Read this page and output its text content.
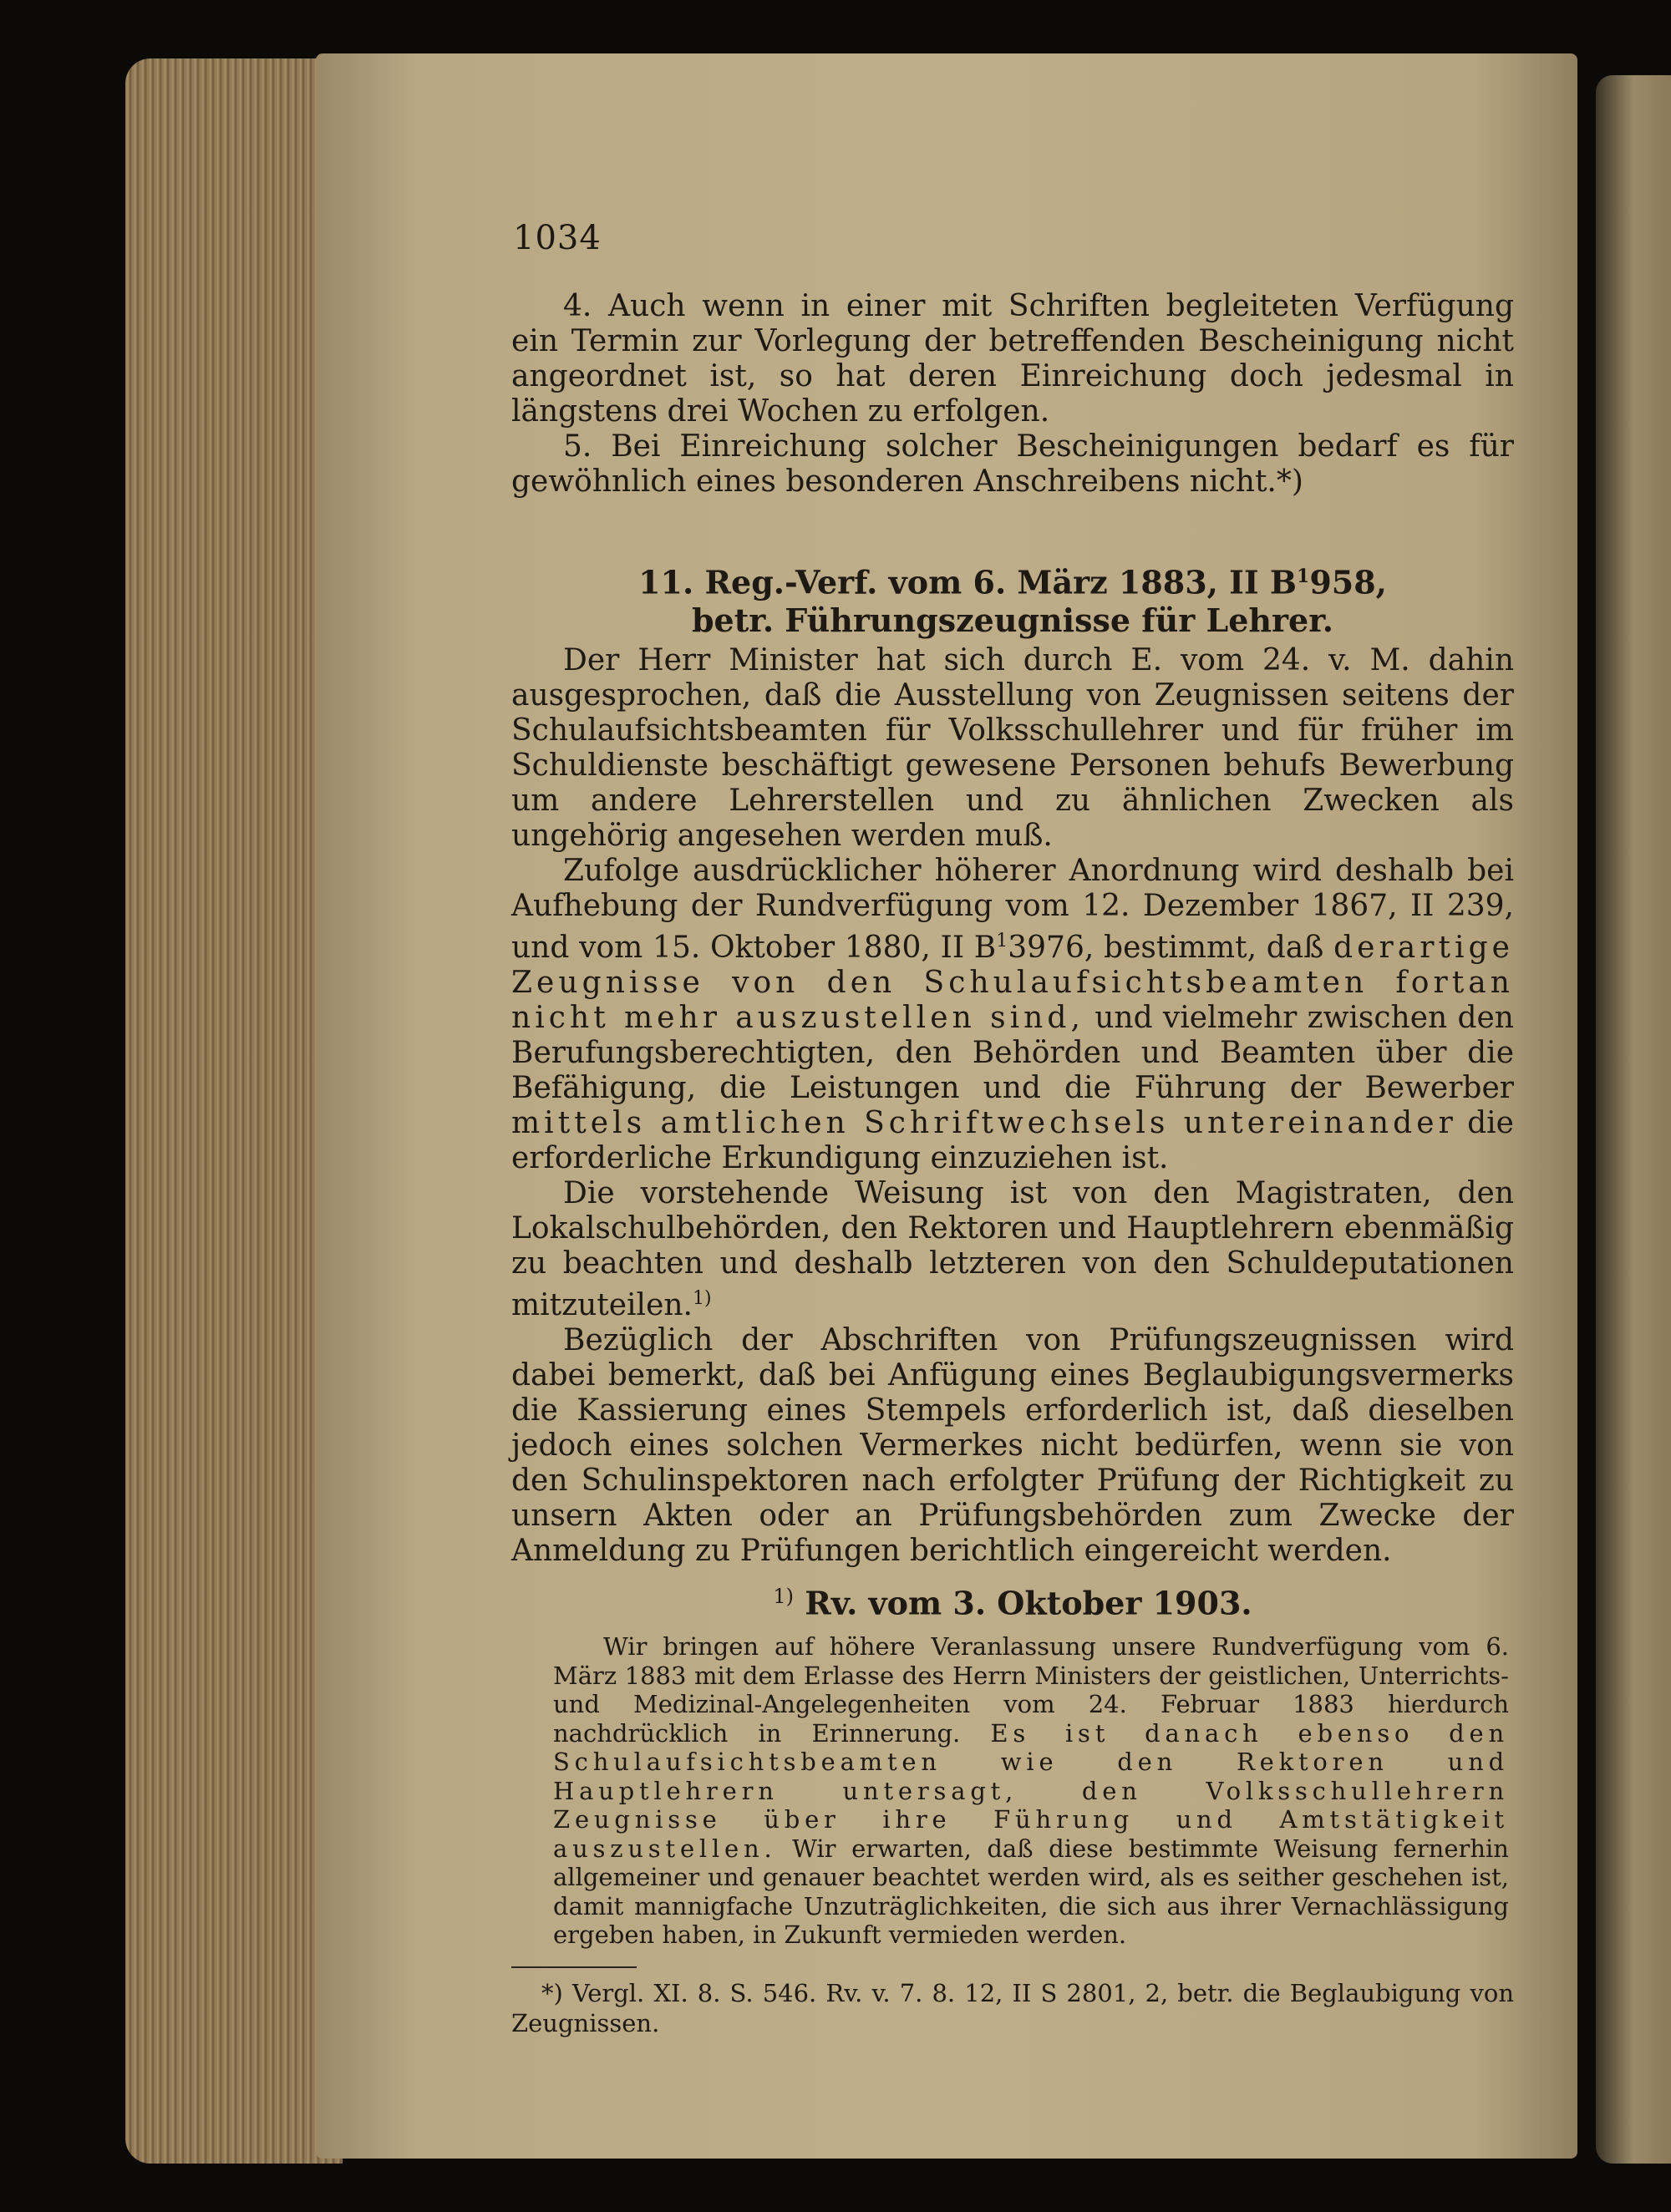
1034

4. Auch wenn in einer mit Schriften begleiteten Verfügung ein Termin zur Vorlegung der betreffenden Bescheinigung nicht angeordnet ist, so hat deren Einreichung doch jedesmal in längstens drei Wochen zu erfolgen.

5. Bei Einreichung solcher Bescheinigungen bedarf es für gewöhnlich eines besonderen Anschreibens nicht.*)

11. Reg.-Verf. vom 6. März 1883, II $B^1958$,
betr. Führungszeugnisse für Lehrer.

Der Herr Minister hat sich durch E. vom 24. v. M. dahin ausgesprochen, daß die Ausstellung von Zeugnissen seitens der Schulaufsichtsbeamten für Volksschullehrer und für früher im Schuldienste beschäftigt gewesene Personen behufs Bewerbung um andere Lehrerstellen und zu ähnlichen Zwecken als ungehörig angesehen werden muß.

Zufolge ausdrücklicher höherer Anordnung wird deshalb bei Aufhebung der Rundverfügung vom 12. Dezember 1867, II 239, und vom 15. Oktober 1880, II $B^13976$, bestimmt, daß derartige Zeugnisse von den Schulaufsichtsbeamten fortan nicht mehr auszustellen sind, und vielmehr zwischen den Berufungsberechtigten, den Behörden und Beamten über die Befähigung, die Leistungen und die Führung der Bewerber mittels amtlichen Schriftwechsels untereinander die erforderliche Erkundigung einzuziehen ist.

Die vorstehende Weisung ist von den Magistraten, den Lokalschulbehörden, den Rektoren und Hauptlehrern ebenmäßig zu beachten und deshalb letzteren von den Schuldeputationen mitzuteilen.$^{1)}$

Bezüglich der Abschriften von Prüfungszeugnissen wird dabei bemerkt, daß bei Anfügung eines Beglaubigungsvermerks die Kassierung eines Stempels erforderlich ist, daß dieselben jedoch eines solchen Vermerkes nicht bedürfen, wenn sie von den Schulinspektoren nach erfolgter Prüfung der Richtigkeit zu unsern Akten oder an Prüfungsbehörden zum Zwecke der Anmeldung zu Prüfungen berichtlich eingereicht werden.

$^{1)}$ Rv. vom 3. Oktober 1903.

Wir bringen auf höhere Veranlassung unsere Rundverfügung vom 6. März 1883 mit dem Erlasse des Herrn Ministers der geistlichen, Unterrichts- und Medizinal-Angelegenheiten vom 24. Februar 1883 hierdurch nachdrücklich in Erinnerung. Es ist danach ebenso den Schulaufsichtsbeamten wie den Rektoren und Hauptlehrern untersagt, den Volksschullehrern Zeugnisse über ihre Führung und Amtstätigkeit auszustellen. Wir erwarten, daß diese bestimmte Weisung fernerhin allgemeiner und genauer beachtet werden wird, als es seither geschehen ist, damit mannigfache Unzuträglichkeiten, die sich aus ihrer Vernachlässigung ergeben haben, in Zukunft vermieden werden.

*) Vergl. XI. 8. S. 546. Rv. v. 7. 8. 12, II S 2801, 2, betr. die Beglaubigung von Zeugnissen.
